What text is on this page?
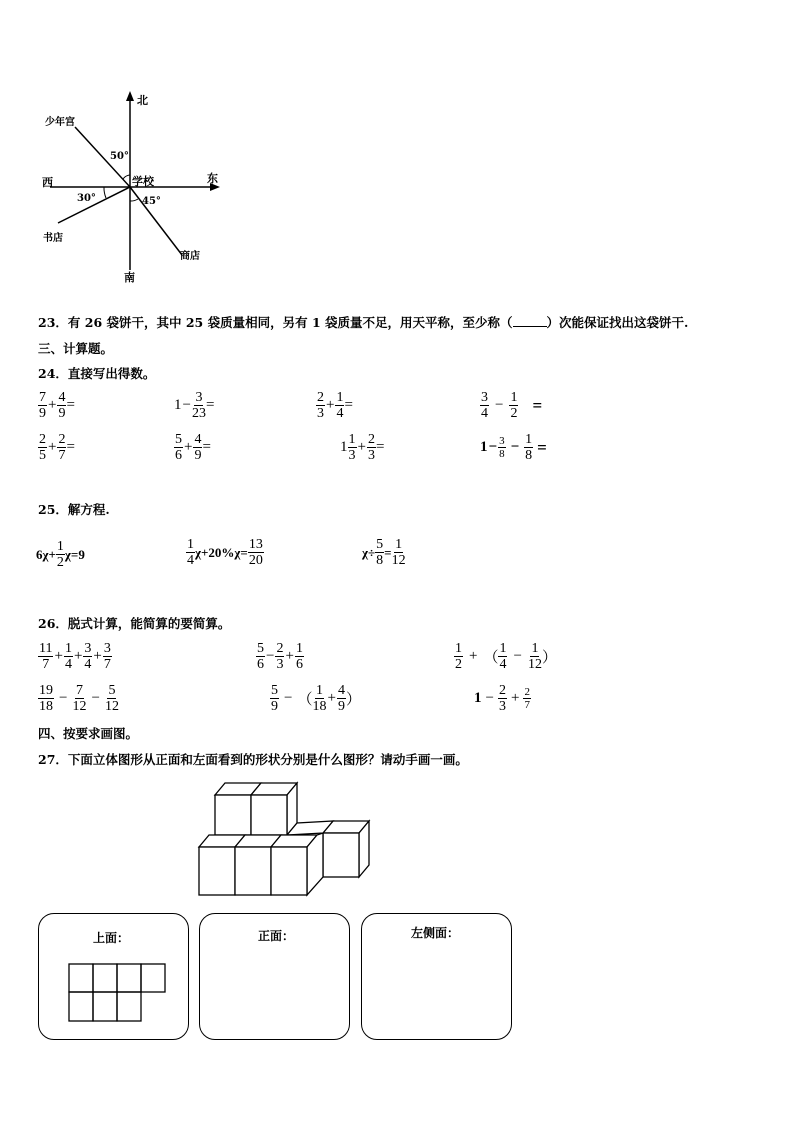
北
南
东
西	学校
少年宫
书店
商店
50°
30°	45°
23．有 26 袋饼干，其中 25 袋质量相同，另有 1 袋质量不足，用天平称，至少称（	）次能保证找出这袋饼干.
三、计算题。
24．直接写出得数。
$\frac{7}{9} + \frac{4}{9}$ =	$1 - \frac{3}{23}$ =	$\frac{2}{3} + \frac{1}{4}$ =	$\frac{3}{4} - \frac{1}{2}$ =
$\frac{2}{5} + \frac{2}{7}$ =	$\frac{5}{6} + \frac{4}{9}$ =	$1 \frac{1}{3} + \frac{2}{3}$ =	$1 - \frac{3}{8} - \frac{1}{8}$ =
25．解方程.
$6\chi+ \frac{1}{2} \chi=9$	$\frac{1}{4} \chi+20\%\chi= \frac{13}{20}$	$\chi\div \frac{5}{8} = \frac{1}{12}$
26．脱式计算，能简算的要简算。
$\frac{11}{7} + \frac{1}{4} + \frac{3}{4} + \frac{3}{7}$	$\frac{5}{6} - \frac{2}{3} + \frac{1}{6}$	$\frac{1}{2}$ + （ $\frac{1}{4} - \frac{1}{12}$ ）
$\frac{19}{18} - \frac{7}{12} - \frac{5}{12}$	$\frac{5}{9}$ − （ $\frac{1}{18} + \frac{4}{9}$ ）	$1 - \frac{2}{3} + \frac{2}{7}$
四、按要求画图。
27．下面立体图形从正面和左面看到的形状分别是什么图形？请动手画一画。
上面：	正面：	左侧面：
